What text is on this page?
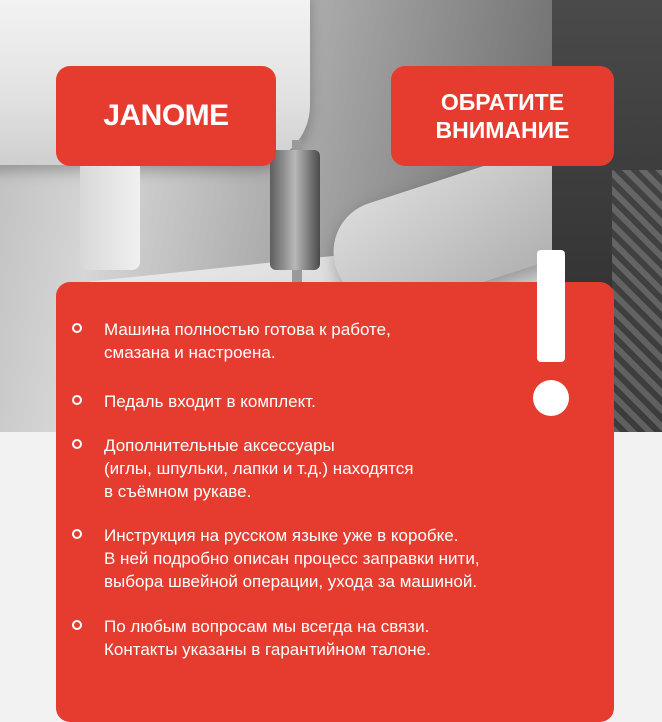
JANOME	ОБРАТИТЕ
ВНИМАНИЕ
Машина полностью готова к работе,
смазана и настроена.
Педаль входит в комплект.
Дополнительные аксессуары
(иглы, шпульки, лапки и т.д.) находятся
в съёмном рукаве.
Инструкция на русском языке уже в коробке.
В ней подробно описан процесс заправки нити,
выбора швейной операции, ухода за машиной.
По любым вопросам мы всегда на связи.
Контакты указаны в гарантийном талоне.
